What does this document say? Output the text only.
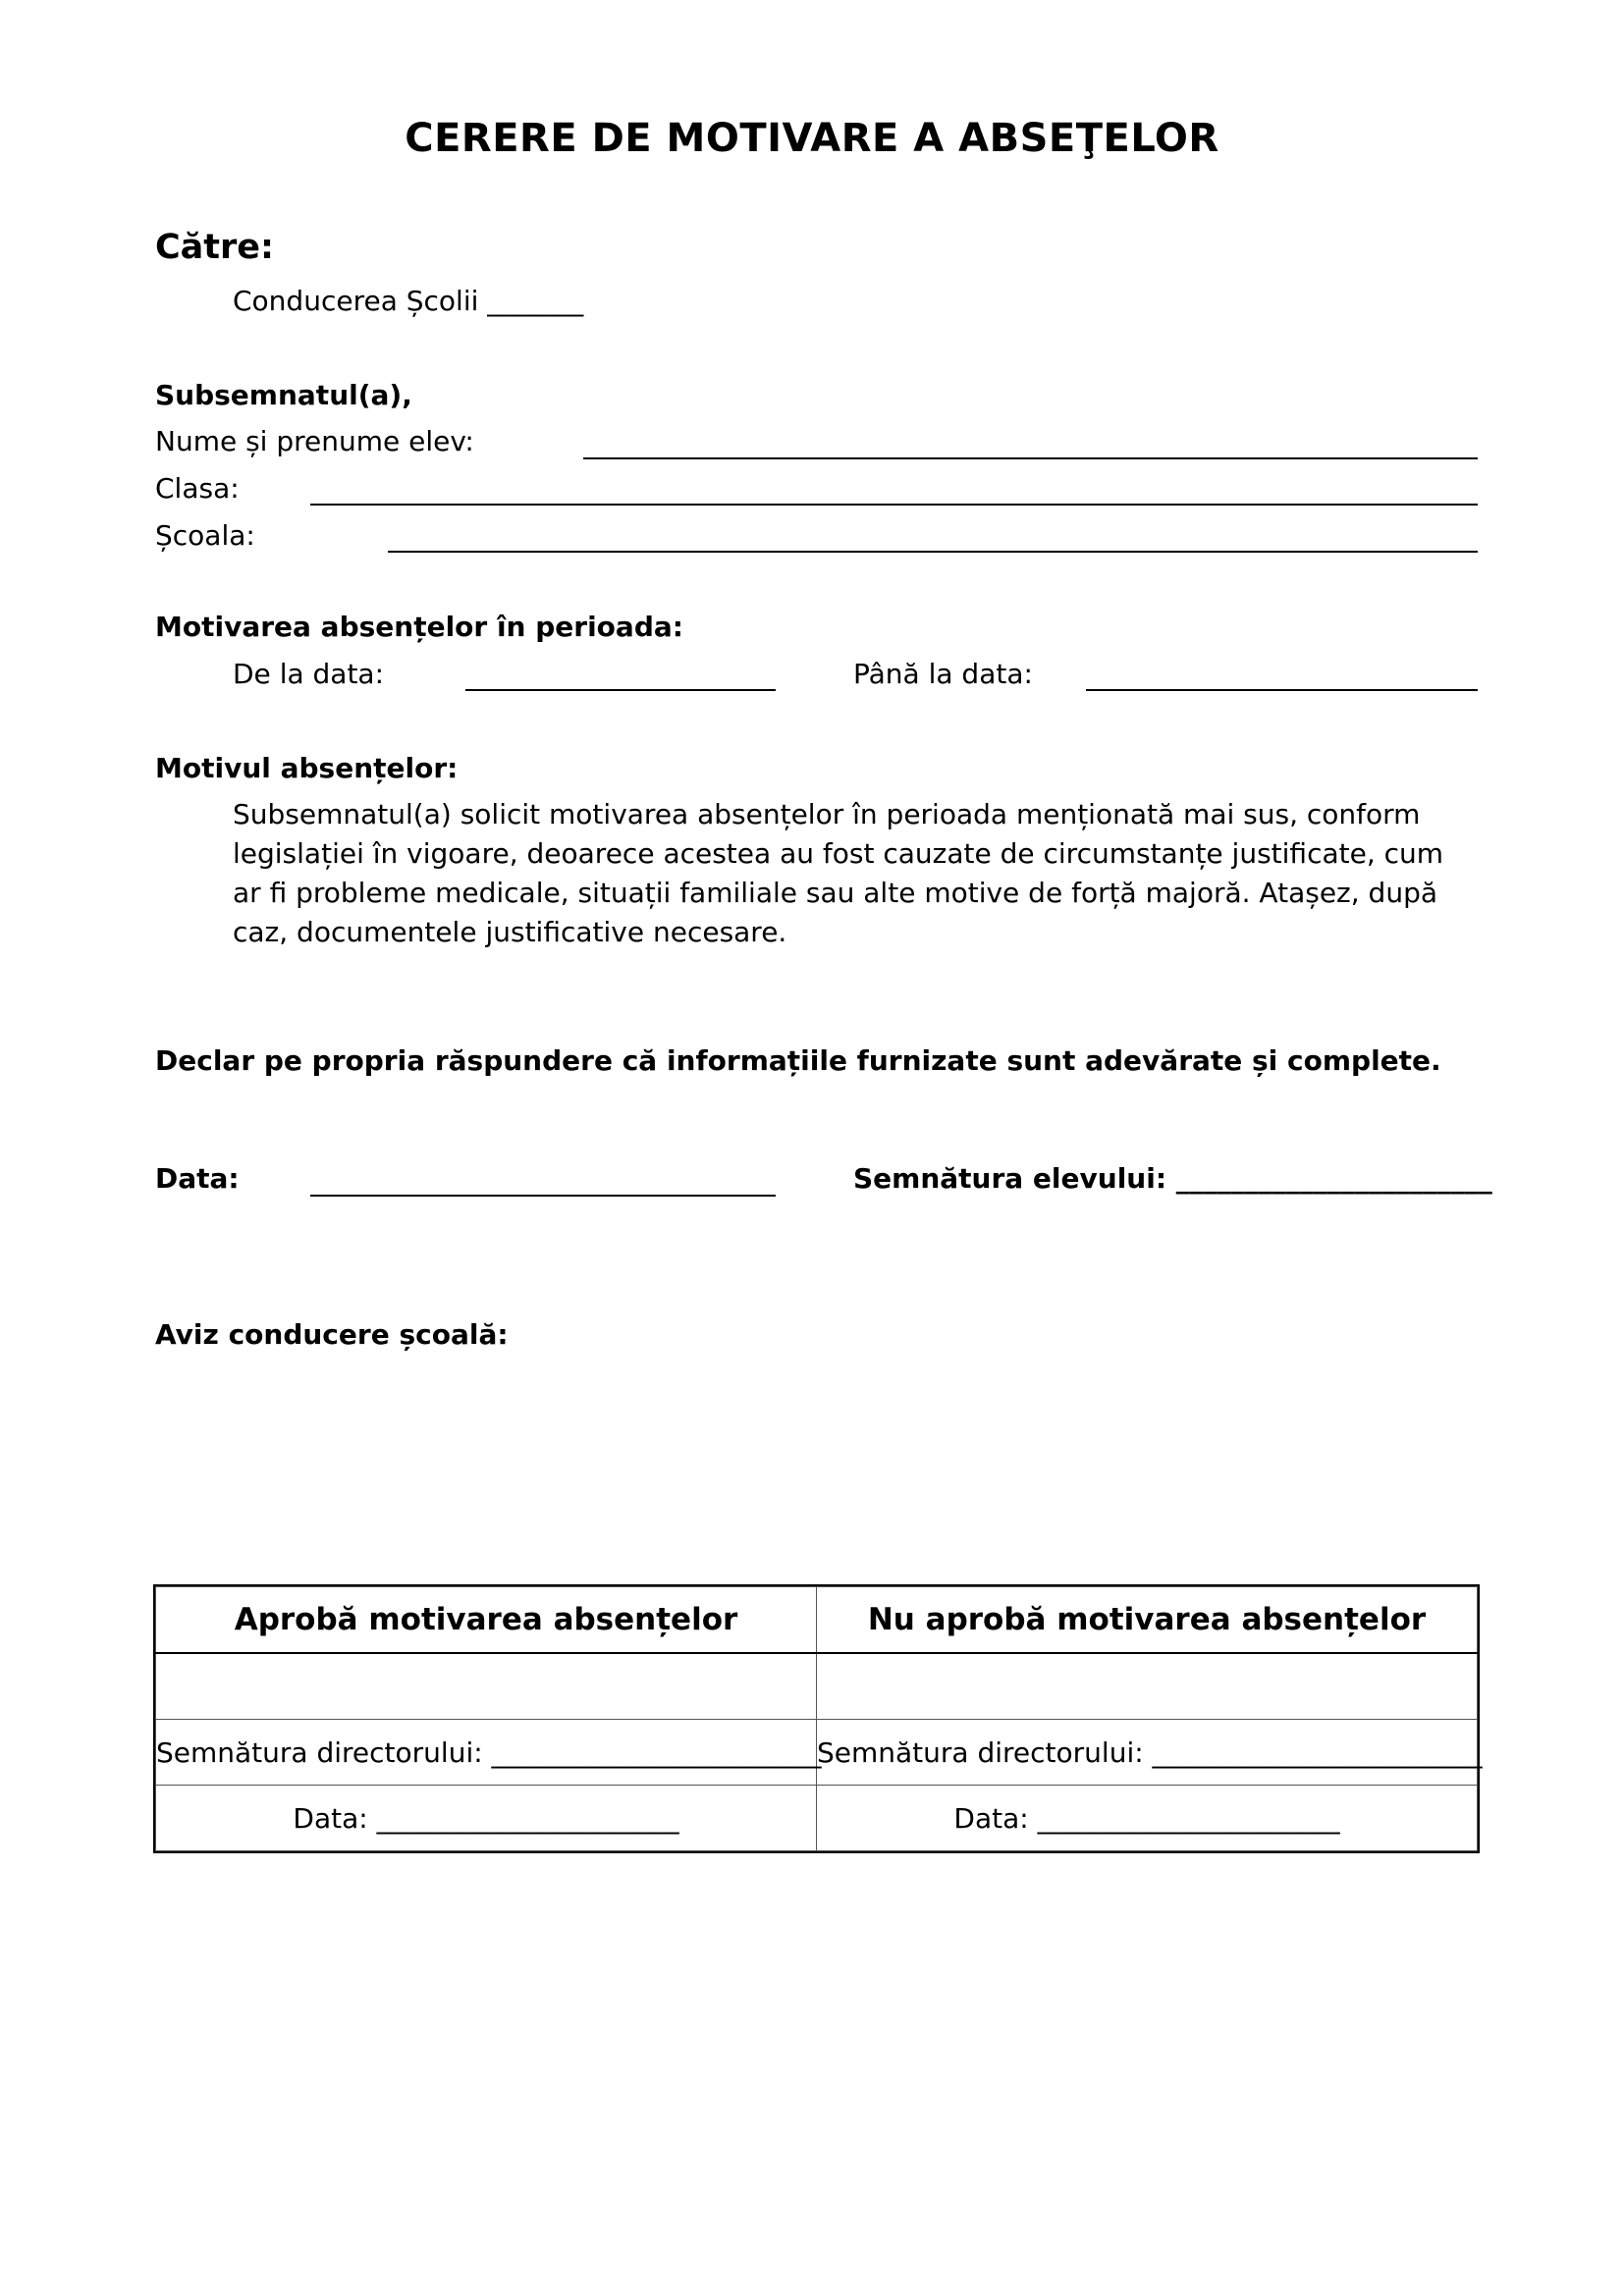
CERERE DE MOTIVARE A ABSEŢELOR
Către:
Conducerea Școlii _______
Subsemnatul(a),
Nume și prenume elev:
Clasa:
Școala:
Motivarea absențelor în perioada:
De la data:	Până la data:
Motivul absențelor:
Subsemnatul(a) solicit motivarea absențelor în perioada menționată mai sus, conform legislației în vigoare, deoarece acestea au fost cauzate de circumstanțe justificate, cum ar fi probleme medicale, situații familiale sau alte motive de forță majoră. Atașez, după caz, documentele justificative necesare.
Declar pe propria răspundere că informațiile furnizate sunt adevărate și complete.
Data:	Semnătura elevului: _______________________
Aviz conducere școală:
Aprobă motivarea absențelor	Nu aprobă motivarea absențelor

Semnătura directorului: ________________________	Semnătura directorului: ________________________
Data: ______________________	Data: ______________________
